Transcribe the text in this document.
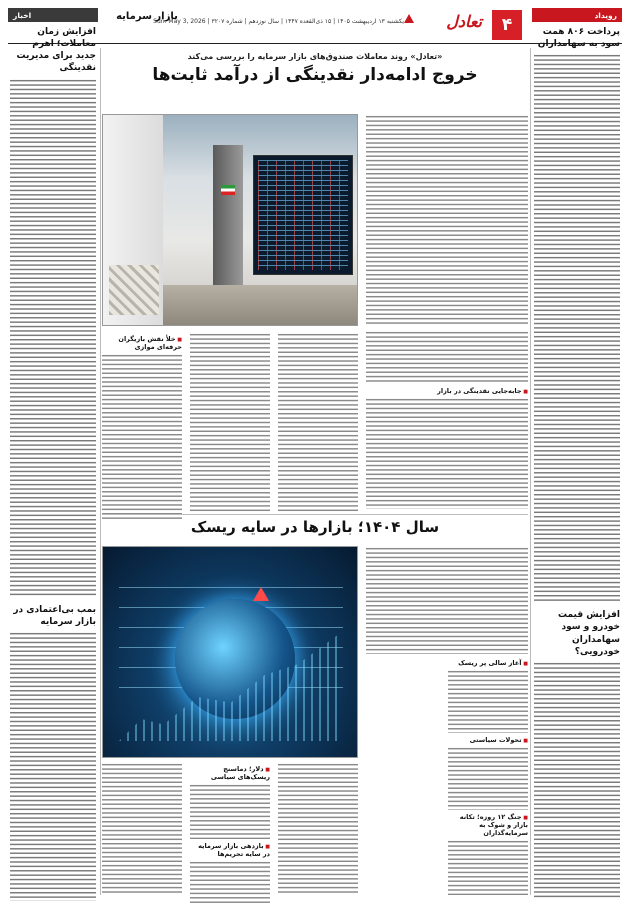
۴
تعادل
یکشنبه ۱۳ اردیبهشت ۱۴۰۵ | ۱۵ ذی‌القعده ۱۴۴۷ | سال نوزدهم | شماره ۳۲۰۷ | Sun. May 3, 2026
بازار سرمایه	رویداد
پرداخت ۸۰۶ همت سود به سهامداران
افزایش قیمت خودرو و سود سهامداران خودرویی؟
اخبار
افزایش زمان معاملات؛ اهرم جدید برای مدیریت نقدینگی
بمب بی‌اعتمادی در بازار سرمایه
«تعادل» روند معاملات صندوق‌های بازار سرمایه را بررسی می‌کند
خروج ادامه‌دار نقدینگی از درآمد ثابت‌ها
■ جابه‌جایی نقدینگی در بازار
■ خلأ نقش بازیگران حرفه‌ای موازی
سال ۱۴۰۴؛ بازارها در سایه ریسک
■ آغاز سالی پر ریسک
■ تحولات سیاستی
■ جنگ ۱۲ روزه؛ تکانه بازار و شوک به سرمایه‌گذاران
■ دلار؛ دماسنج ریسک‌های سیاسی
■ بازدهی بازار سرمایه در سایه تحریم‌ها
